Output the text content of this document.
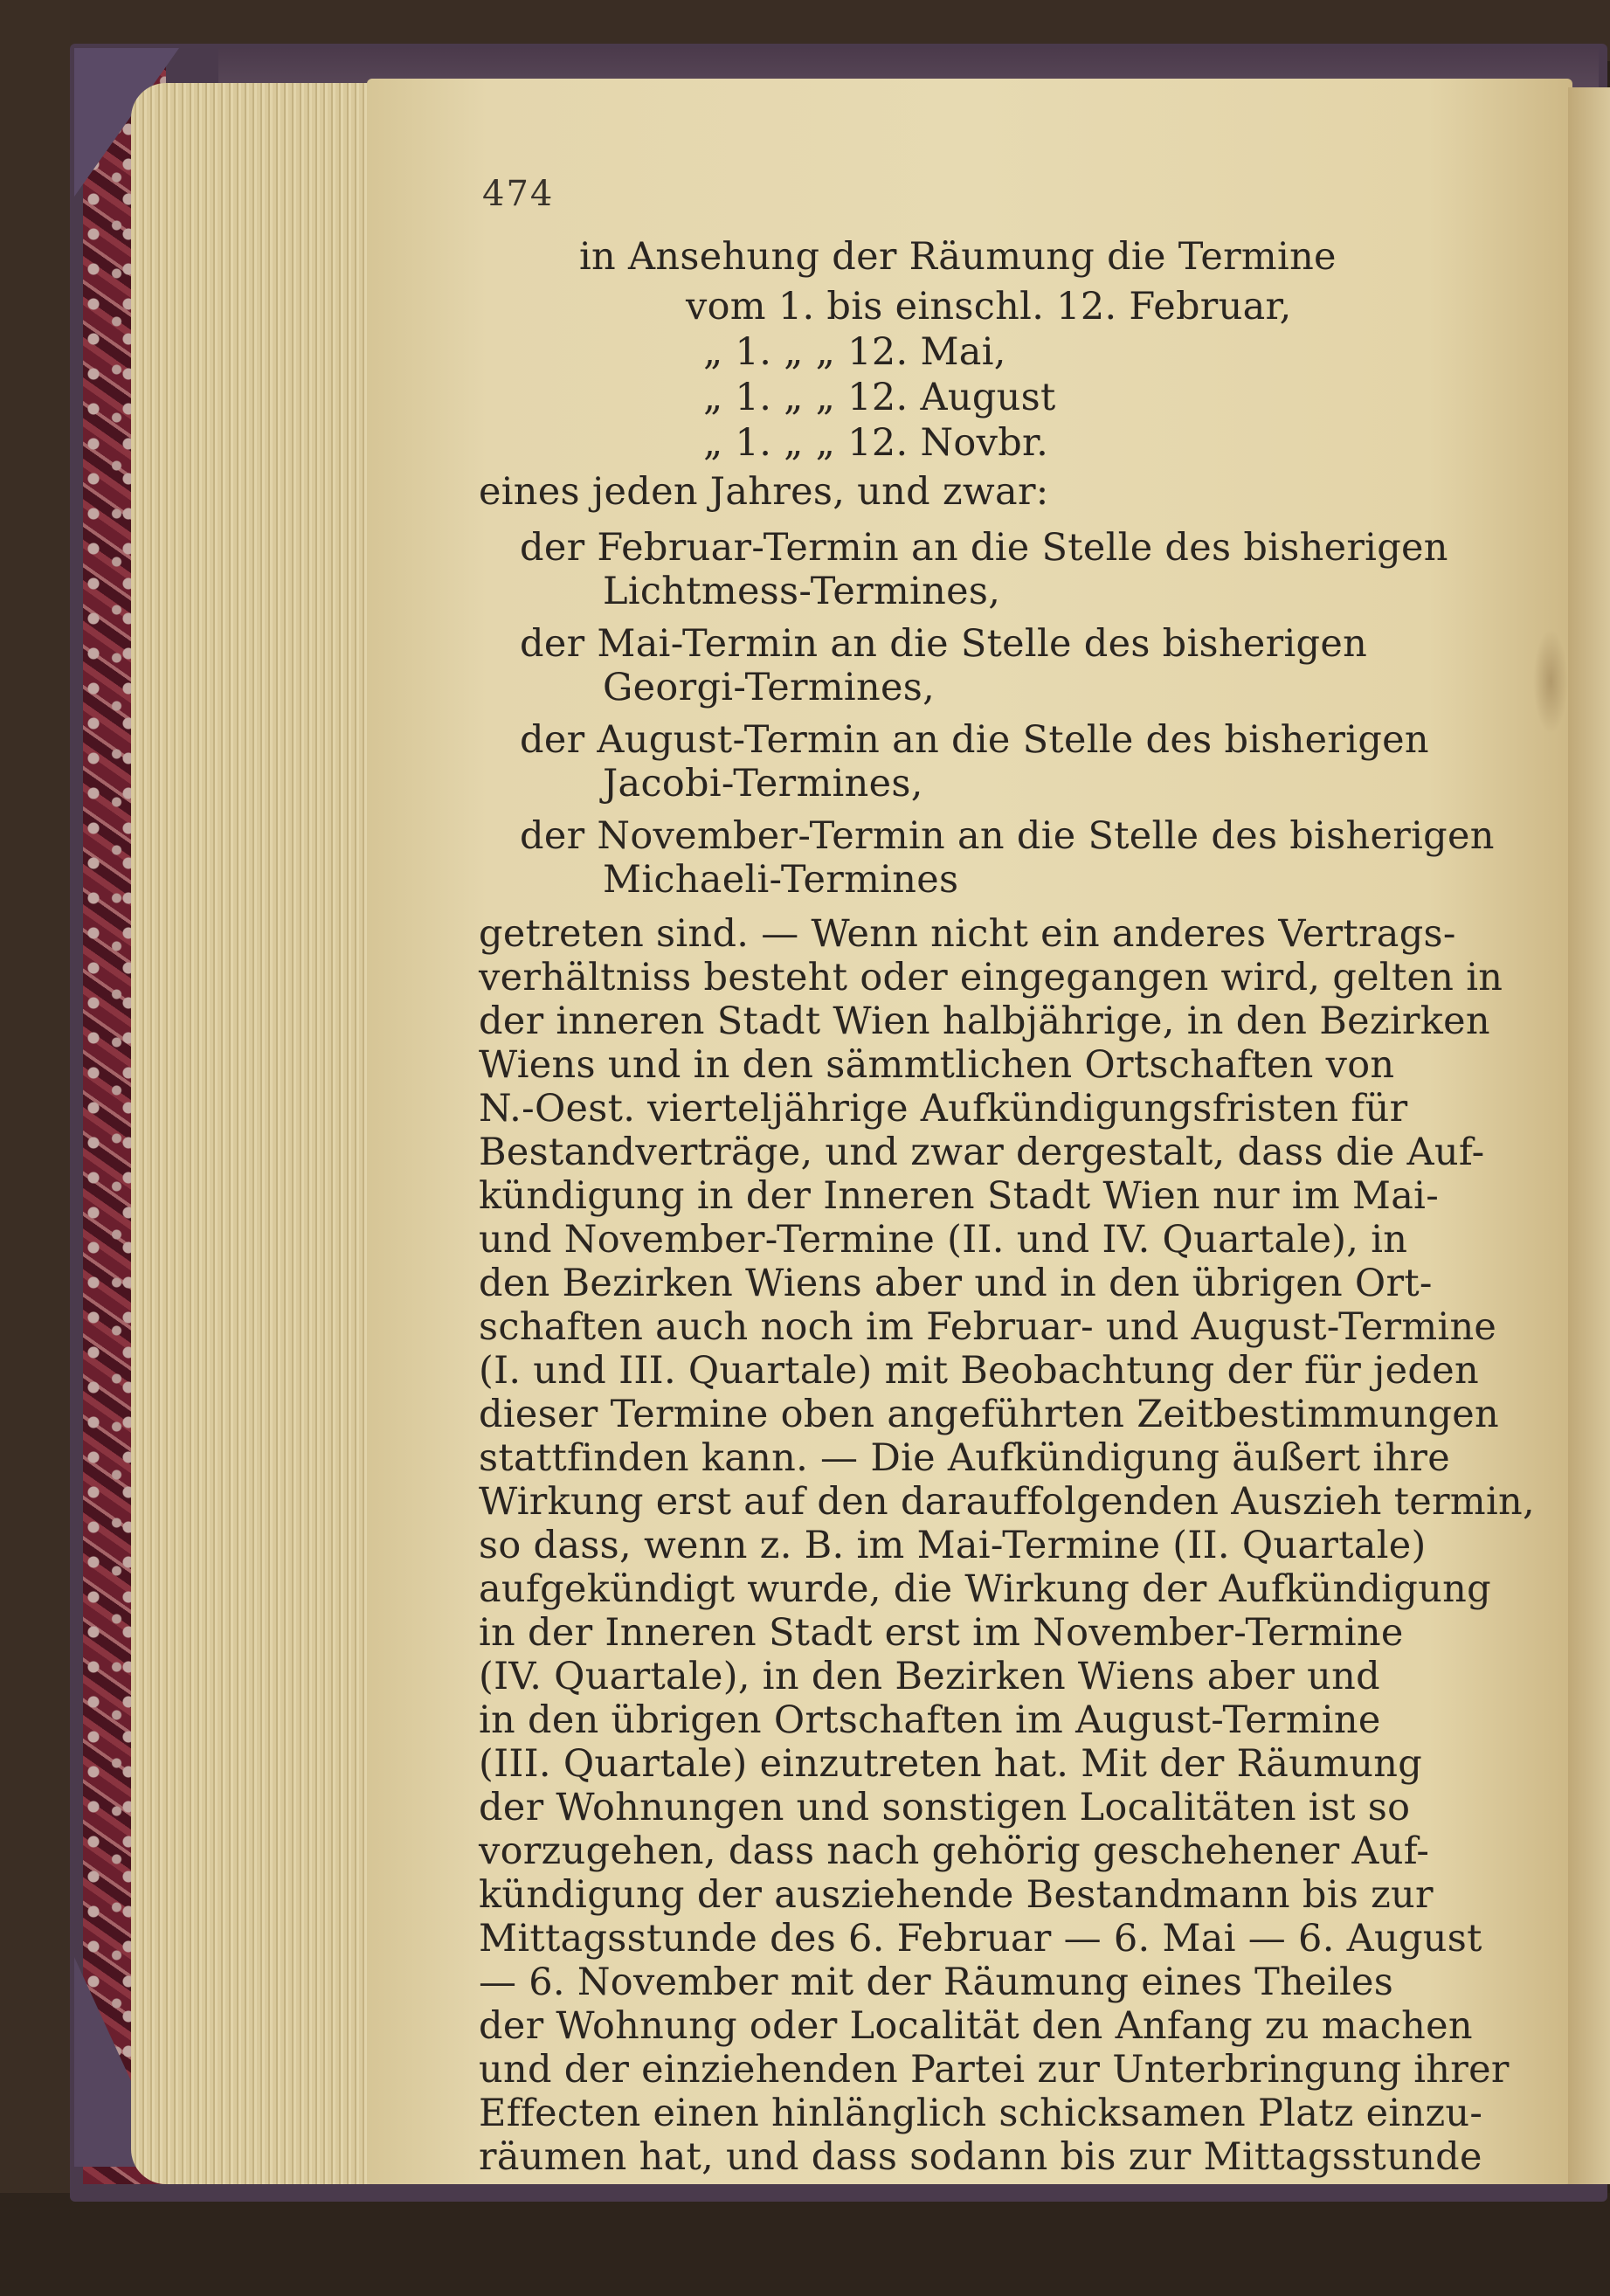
474
in Ansehung der Räumung die Termine
vom 1. bis einschl. 12. Februar,
„ 1. „ „ 12. Mai,
„ 1. „ „ 12. August
„ 1. „ „ 12. Novbr.
eines jeden Jahres, und zwar:
der Februar-Termin an die Stelle des bisherigen
Lichtmess-Termines,
der Mai-Termin an die Stelle des bisherigen
Georgi-Termines,
der August-Termin an die Stelle des bisherigen
Jacobi-Termines,
der November-Termin an die Stelle des bisherigen
Michaeli-Termines
getreten sind. — Wenn nicht ein anderes Vertrags-
verhältniss besteht oder eingegangen wird, gelten in
der inneren Stadt Wien halbjährige, in den Bezirken
Wiens und in den sämmtlichen Ortschaften von
N.-Oest. vierteljährige Aufkündigungsfristen für
Bestandverträge, und zwar dergestalt, dass die Auf-
kündigung in der Inneren Stadt Wien nur im Mai-
und November-Termine (II. und IV. Quartale), in
den Bezirken Wiens aber und in den übrigen Ort-
schaften auch noch im Februar- und August-Termine
(I. und III. Quartale) mit Beobachtung der für jeden
dieser Termine oben angeführten Zeitbestimmungen
stattfinden kann. — Die Aufkündigung äußert ihre
Wirkung erst auf den darauffolgenden Auszieh termin,
so dass, wenn z. B. im Mai-Termine (II. Quartale)
aufgekündigt wurde, die Wirkung der Aufkündigung
in der Inneren Stadt erst im November-Termine
(IV. Quartale), in den Bezirken Wiens aber und
in den übrigen Ortschaften im August-Termine
(III. Quartale) einzutreten hat. Mit der Räumung
der Wohnungen und sonstigen Localitäten ist so
vorzugehen, dass nach gehörig geschehener Auf-
kündigung der ausziehende Bestandmann bis zur
Mittagsstunde des 6. Februar — 6. Mai — 6. August
— 6. November mit der Räumung eines Theiles
der Wohnung oder Localität den Anfang zu machen
und der einziehenden Partei zur Unterbringung ihrer
Effecten einen hinlänglich schicksamen Platz einzu-
räumen hat, und dass sodann bis zur Mittagsstunde
